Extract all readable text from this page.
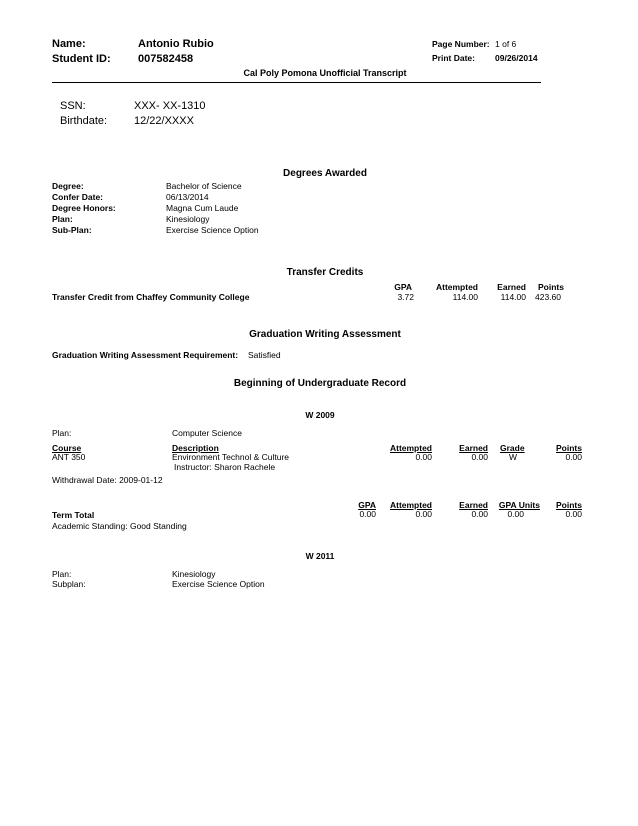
Name:	Antonio Rubio
Student ID: 007582458
Page Number: 1 of 6
Print Date: 09/26/2014
Cal Poly Pomona Unofficial Transcript
SSN:	XXX- XX-1310
Birthdate: 12/22/XXXX
Degrees Awarded
Degree:	Bachelor of Science
Confer Date:	06/13/2014
Degree Honors:	Magna Cum Laude
Plan:	Kinesiology
Sub-Plan:	Exercise Science Option
Transfer Credits
GPA	Attempted	Earned Points
Transfer Credit from Chaffey Community College	3.72	114.00	114.00 423.60
Graduation Writing Assessment
Graduation Writing Assessment Requirement: Satisfied
Beginning of Undergraduate Record
W 2009
Plan:	Computer Science
Course	Description	Attempted	Earned Grade	Points
ANT 350	Environment Technol & Culture	0.00	0.00 W	0.00
Instructor: Sharon Rachele
Withdrawal Date: 2009-01-12
GPA	Attempted	Earned	GPA Units	Points
Term Total	0.00	0.00	0.00	0.00	0.00
Academic Standing: Good Standing
W 2011
Plan:	Kinesiology
Subplan:	Exercise Science Option
